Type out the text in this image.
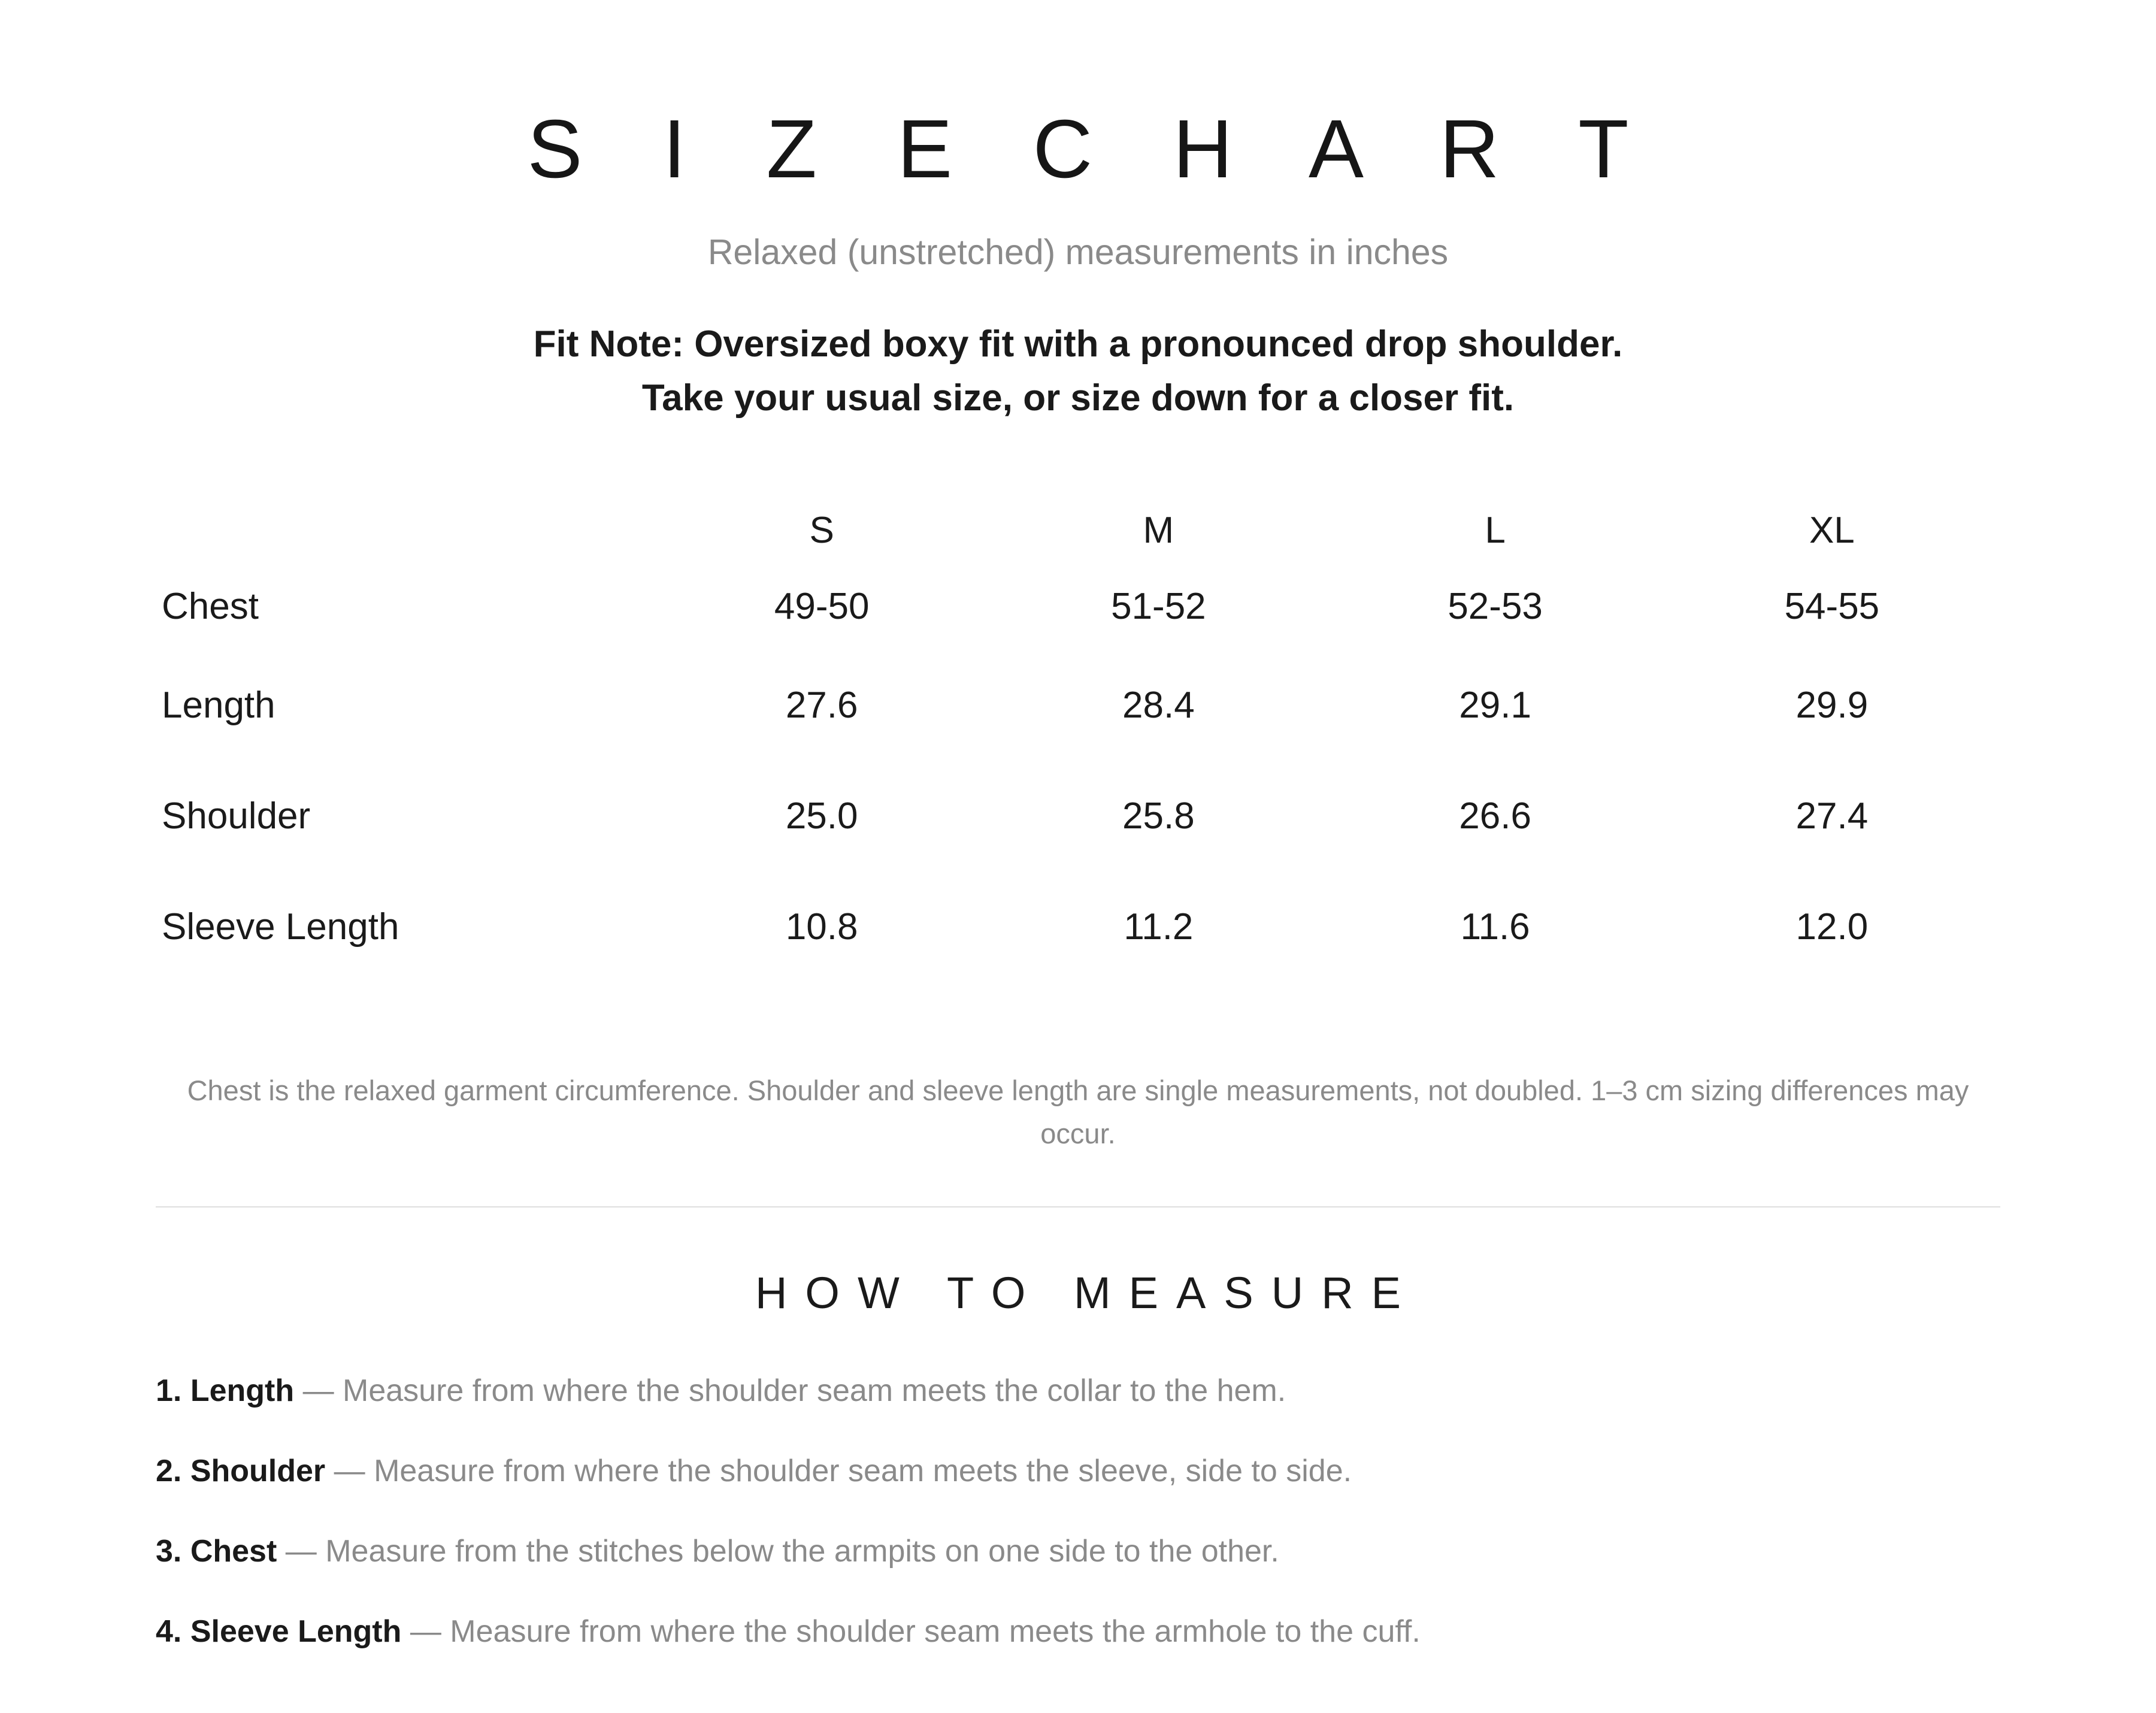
S I Z E C H A R T
Relaxed (unstretched) measurements in inches
Fit Note: Oversized boxy fit with a pronounced drop shoulder.
Take your usual size, or size down for a closer fit.
	S	M	L	XL
Chest	49-50	51-52	52-53	54-55
Length	27.6	28.4	29.1	29.9
Shoulder	25.0	25.8	26.6	27.4
Sleeve Length	10.8	11.2	11.6	12.0
Chest is the relaxed garment circumference. Shoulder and sleeve length are single measurements, not doubled. 1–3 cm sizing differences may occur.
HOW TO MEASURE
1. Length — Measure from where the shoulder seam meets the collar to the hem.
2. Shoulder — Measure from where the shoulder seam meets the sleeve, side to side.
3. Chest — Measure from the stitches below the armpits on one side to the other.
4. Sleeve Length — Measure from where the shoulder seam meets the armhole to the cuff.
